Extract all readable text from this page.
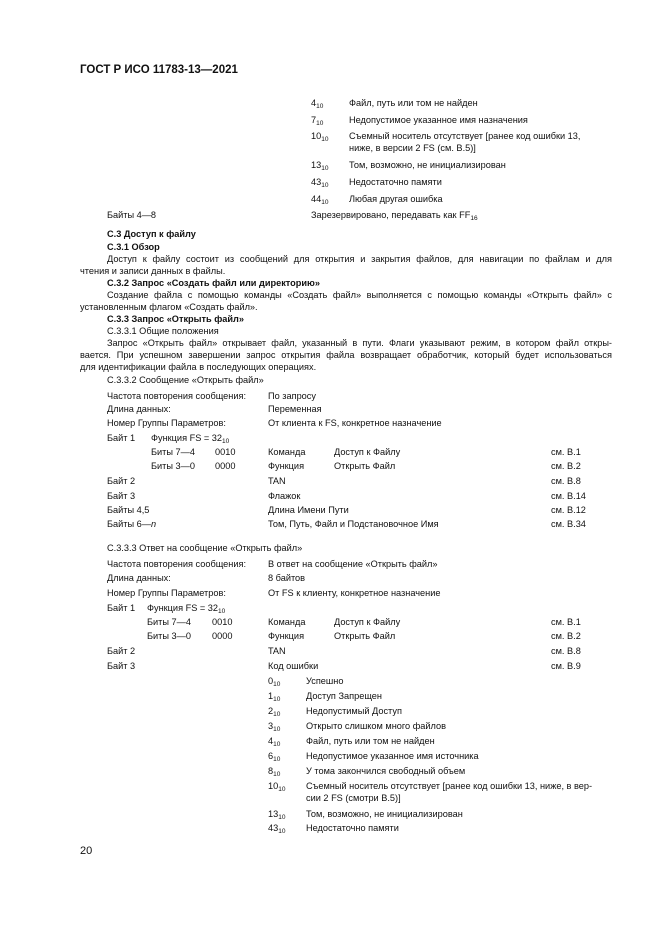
ГОСТ Р ИСО 11783-13—2021
$4_{10}$	Файл, путь или том не найден
$7_{10}$	Недопустимое указанное имя назначения
$10_{10}$ Съемный носитель отсутствует [ранее код ошибки 13,
ниже, в версии 2 FS (см. В.5)]
$13_{10}$ Том, возможно, не инициализирован
$43_{10}$ Недостаточно памяти
$44_{10}$ Любая другая ошибка
Байты 4—8	Зарезервировано, передавать как $FF_{16}$
С.3 Доступ к файлу
С.3.1 Обзор
Доступ к файлу состоит из сообщений для открытия и закрытия файлов, для навигации по файлам и для
чтения и записи данных в файлы.
С.3.2 Запрос «Создать файл или директорию»
Создание файла с помощью команды «Создать файл» выполняется с помощью команды «Открыть файл» с
установленным флагом «Создать файл».
С.3.3 Запрос «Открыть файл»
С.3.3.1 Общие положения
Запрос «Открыть файл» открывает файл, указанный в пути. Флаги указывают режим, в котором файл откры-
вается. При успешном завершении запрос открытия файла возвращает обработчик, который будет использоваться
для идентификации файла в последующих операциях.
С.3.3.2 Сообщение «Открыть файл»
Частота повторения сообщения: По запросу
Длина данных:	Переменная
Номер Группы Параметров:	От клиента к FS, конкретное назначение
Байт 1 Функция FS = $32_{10}$
Биты 7—4 0010	Команда	Доступ к Файлу	см. В.1
Биты 3—0 0000	Функция	Открыть Файл	см. В.2
Байт 2	TAN	см. В.8
Байт 3	Флажок	см. В.14
Байты 4,5	Длина Имени Пути	см. В.12
Байты 6—n	Том, Путь, Файл и Подстановочное Имя	см. В.34
С.3.3.3 Ответ на сообщение «Открыть файл»
Частота повторения сообщения: В ответ на сообщение «Открыть файл»
Длина данных:	8 байтов
Номер Группы Параметров:	От FS к клиенту, конкретное назначение
Байт 1 Функция FS = $32_{10}$
Биты 7—4 0010	Команда	Доступ к Файлу	см. В.1
Биты 3—0 0000	Функция	Открыть Файл	см. В.2
Байт 2	TAN	см. В.8
Байт 3	Код ошибки	см. В.9
$0_{10}$	Успешно
$1_{10}$	Доступ Запрещен
$2_{10}$	Недопустимый Доступ
$3_{10}$	Открыто слишком много файлов
$4_{10}$	Файл, путь или том не найден
$6_{10}$	Недопустимое указанное имя источника
$8_{10}$	У тома закончился свободный объем
$10_{10}$ Съемный носитель отсутствует [ранее код ошибки 13, ниже, в вер-
сии 2 FS (смотри В.5)]
$13_{10}$ Том, возможно, не инициализирован
$43_{10}$ Недостаточно памяти
20
